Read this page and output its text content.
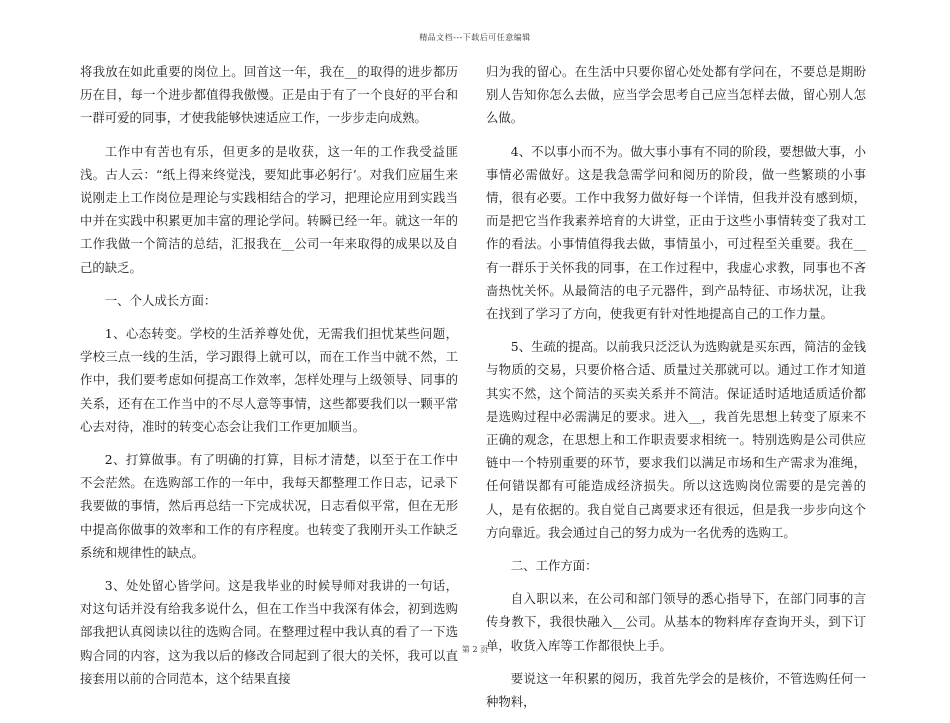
精品文档---下载后可任意编辑

将我放在如此重要的岗位上。回首这一年，我在__的取得的进步都历历在目，每一个进步都值得我傲慢。正是由于有了一个良好的平台和一群可爱的同事，才使我能够快速适应工作，一步步走向成熟。

工作中有苦也有乐，但更多的是收获，这一年的工作我受益匪浅。古人云：“纸上得来终觉浅，要知此事必躬行’。对我们应届生来说刚走上工作岗位是理论与实践相结合的学习，把理论应用到实践当中并在实践中积累更加丰富的理论学问。转瞬已经一年。就这一年的工作我做一个简洁的总结，汇报我在__公司一年来取得的成果以及自己的缺乏。

一、个人成长方面：

1、心态转变。学校的生活养尊处优，无需我们担忧某些问题，学校三点一线的生活，学习跟得上就可以，而在工作当中就不然，工作中，我们要考虑如何提高工作效率，怎样处理与上级领导、同事的关系，还有在工作当中的不尽人意等事情，这些都要我们以一颗平常心去对待，准时的转变心态会让我们工作更加顺当。

2、打算做事。有了明确的打算，目标才清楚，以至于在工作中不会茫然。在选购部工作的一年中，我每天都整理工作日志，记录下我要做的事情，然后再总结一下完成状况，日志看似平常，但在无形中提高你做事的效率和工作的有序程度。也转变了我刚开头工作缺乏系统和规律性的缺点。

3、处处留心皆学问。这是我毕业的时候导师对我讲的一句话，对这句话并没有给我多说什么，但在工作当中我深有体会，初到选购部我把认真阅读以往的选购合同。在整理过程中我认真的看了一下选购合同的内容，这为我以后的修改合同起到了很大的关怀，我可以直接套用以前的合同范本，这个结果直接

归为我的留心。在生活中只要你留心处处都有学问在，不要总是期盼别人告知你怎么去做，应当学会思考自己应当怎样去做，留心别人怎么做。

4、不以事小而不为。做大事小事有不同的阶段，要想做大事，小事情必需做好。这是我急需学问和阅历的阶段，做一些繁琐的小事情，很有必要。工作中我努力做好每一个详情，但我并没有感到烦，而是把它当作我素养培育的大讲堂，正由于这些小事情转变了我对工作的看法。小事情值得我去做，事情虽小，可过程至关重要。我在__有一群乐于关怀我的同事，在工作过程中，我虚心求教，同事也不吝啬热忱关怀。从最简洁的电子元器件，到产品特征、市场状况，让我在找到了学习了方向，使我更有针对性地提高自己的工作力量。

5、生疏的提高。以前我只泛泛认为选购就是买东西，简洁的金钱与物质的交易，只要价格合适、质量过关那就可以。通过工作才知道其实不然，这个简洁的买卖关系并不简洁。保证适时适地适质适价都是选购过程中必需满足的要求。进入__，我首先思想上转变了原来不正确的观念，在思想上和工作职责要求相统一。特别选购是公司供应链中一个特别重要的环节，要求我们以满足市场和生产需求为准绳，任何错误都有可能造成经济损失。所以这选购岗位需要的是完善的人，是有依据的。我自觉自己离要求还有很远，但是我一步步向这个方向靠近。我会通过自己的努力成为一名优秀的选购工。

二、工作方面：

自入职以来，在公司和部门领导的悉心指导下，在部门同事的言传身教下，我很快融入__公司。从基本的物料库存查询开头，到下订单，收货入库等工作都很快上手。

要说这一年积累的阅历，我首先学会的是核价，不管选购任何一种物料，

第 2 页
